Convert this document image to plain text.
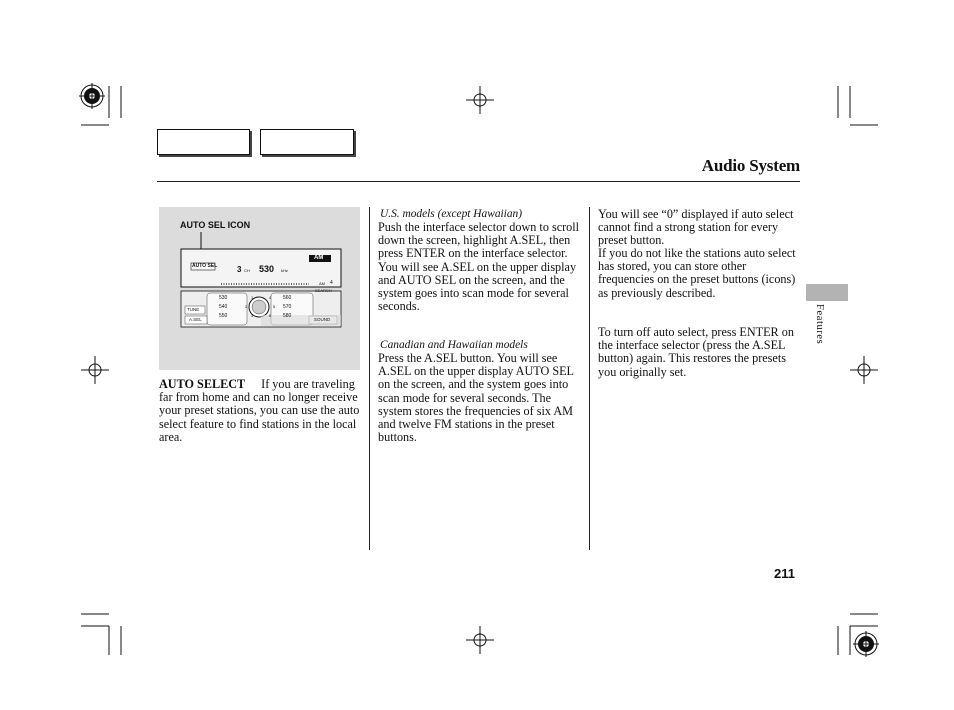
Audio System
AUTO SEL ICON
AUTO SEL
AM
3 CH 530 kHz
AM 4
SEARCH
530
540
550
560
570
580
1
2
3
4
5
6
TUNE
A.SEL	SOUND
AUTO SELECT If you are traveling far from home and can no longer receive your preset stations, you can use the auto select feature to find stations in the local area.
U.S. models (except Hawaiian)
Push the interface selector down to scroll down the screen, highlight A.SEL, then press ENTER on the interface selector. You will see A.SEL on the upper display and AUTO SEL on the screen, and the system goes into scan mode for several seconds.
Canadian and Hawaiian models
Press the A.SEL button. You will see A.SEL on the upper display AUTO SEL on the screen, and the system goes into scan mode for several seconds. The system stores the frequencies of six AM and twelve FM stations in the preset buttons.
You will see “0” displayed if auto select cannot find a strong station for every preset button.
If you do not like the stations auto select has stored, you can store other frequencies on the preset buttons (icons) as previously described.
To turn off auto select, press ENTER on the interface selector (press the A.SEL button) again. This restores the presets you originally set.
Features
211
